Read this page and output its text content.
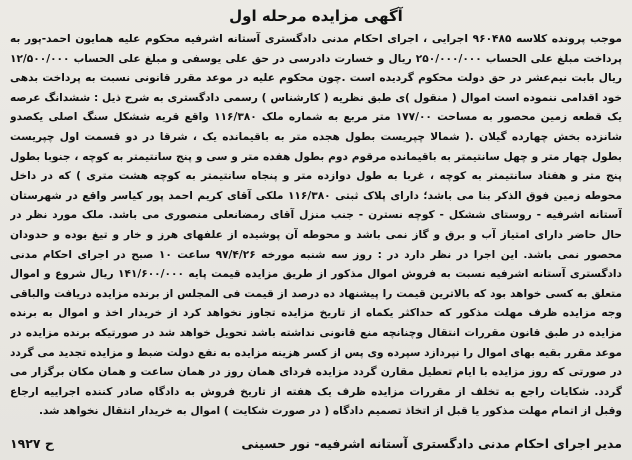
آگهی مزایده مرحله اول
موجب پرونده کلاسه ۹۶۰۴۸۵ اجرایی ، اجرای احکام مدنی دادگستری آستانه اشرفیه محکوم علیه همایون احمد-پور به پرداخت مبلغ علی الحساب ۲۵۰/۰۰۰/۰۰۰ ریال و خسارت دادرسی در حق علی یوسفی و مبلغ علی الحساب ۱۲/۵۰۰/۰۰۰ ریال بابت نیم‌عشر در حق دولت محکوم گردیده است .چون محکوم علیه در موعد مقرر قانونی نسبت به پرداخت بدهی خود اقدامی ننموده است اموال ( منقول )ی طبق نظریه ( کارشناس ) رسمی دادگستری به شرح ذیل : ششدانگ عرصه یک قطعه زمین محصور به مساحت ۱۷۷/۰۰ متر مربع به شماره ملک ۱۱۶/۳۸۰ واقع قریه ششکل سنگ اصلی یکصدو شانزده بخش چهارده گیلان .( شمالا چپریست بطول هجده متر به باقیمانده یک ، شرقا در دو قسمت اول چپریست بطول چهار متر و چهل سانتیمتر به باقیمانده مرقوم دوم بطول هفده متر و سی و پنج سانتیمتر به کوچه ، جنوبا بطول پنج متر و هفتاد سانتیمتر به کوچه ، غربا به طول دوازده متر و پنجاه سانتیمتر به کوچه هشت متری ) که در داخل محوطه زمین فوق الذکر بنا می باشد؛ دارای پلاک ثبتی ۱۱۶/۳۸۰ ملکی آقای کریم احمد پور کیاسر واقع در شهرستان آستانه اشرفیه - روستای ششکل - کوچه نسترن - جنب منزل آقای رمضانعلی منصوری می باشد. ملک مورد نظر در حال حاضر دارای امتیاز آب و برق و گاز نمی باشد و محوطه آن پوشیده از علفهای هرز و خار و تیغ بوده و حدودان محصور نمی باشد. این اجرا در نظر دارد در : روز سه شنبه مورخه ۹۷/۴/۲۶ ساعت ۱۰ صبح در اجرای احکام مدنی دادگستری آستانه اشرفیه نسبت به فروش اموال مذکور از طریق مزایده قیمت پایه ۱۴۱/۶۰۰/۰۰۰ ریال شروع و اموال متعلق به کسی خواهد بود که بالاترین قیمت را پیشنهاد ده درصد از قیمت فی المجلس از برنده مزایده دریافت والباقی وجه مزایده ظرف مهلت مذکور که حداکثر یکماه از تاریخ مزایده تجاوز نخواهد کرد از خریدار اخذ و اموال به برنده مزایده در طبق قانون مقررات انتقال وچنانچه منع قانونی نداشته باشد تحویل خواهد شد در صورتیکه برنده مزایده در موعد مقرر بقیه بهای اموال را نپردازد سپرده وی پس از کسر هزینه مزایده به نفع دولت ضبط و مزایده تجدید می گردد در صورتی که روز مزایده با ایام تعطیل مقارن گردد مزایده فردای همان روز در همان ساعت و همان مکان برگزار می گردد. شکایات راجع به تخلف از مقررات مزایده ظرف یک هفته از تاریخ فروش به دادگاه صادر کننده اجراییه ارجاع وقبل از اتمام مهلت مذکور یا قبل از اتخاذ تصمیم دادگاه ( در صورت شکایت ) اموال به خریدار انتقال نخواهد شد.
مدیر اجرای احکام مدنی دادگستری آستانه اشرفیه- نور حسینی
ح ۱۹۲۷
